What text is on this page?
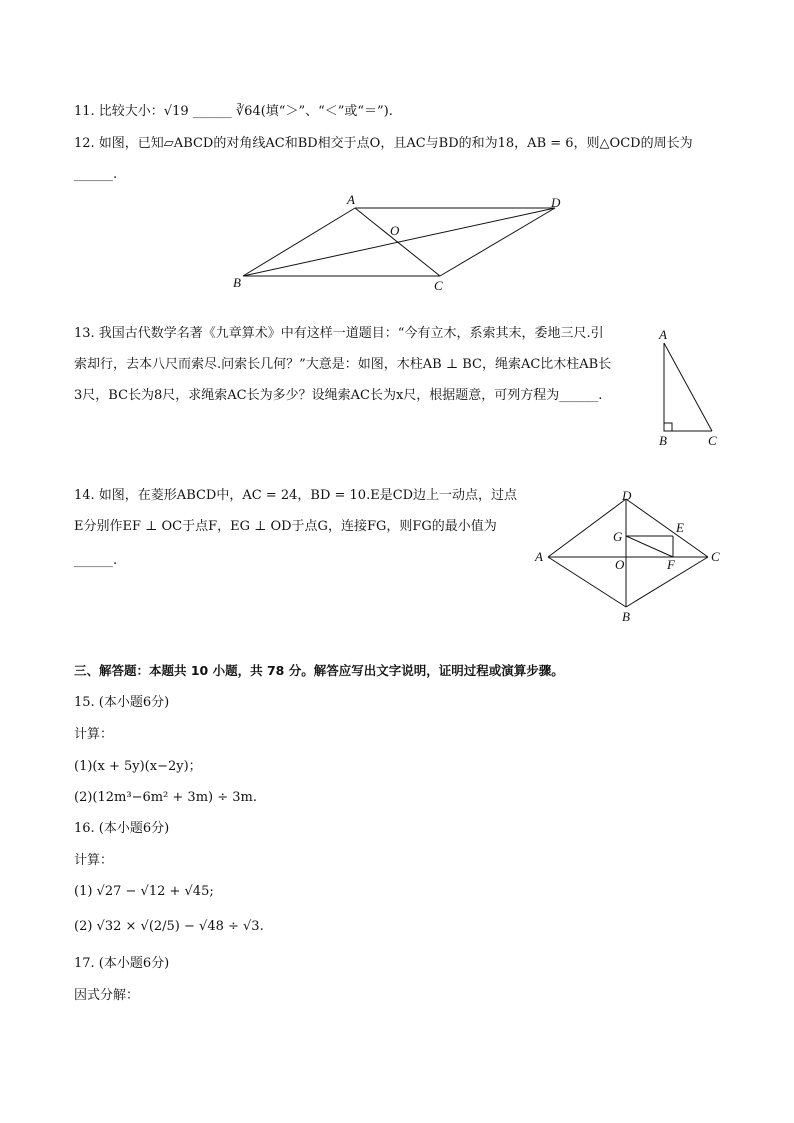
11. 比较大小：√19 ______ ∛64(填“＞”、“＜”或“＝”).
12. 如图，已知▱ABCD的对角线AC和BD相交于点O，且AC与BD的和为18，AB = 6，则△OCD的周长为
______.
A	D
O
B	C
13. 我国古代数学名著《九章算术》中有这样一道题目：“今有立木，系索其末，委地三尺.引
索却行，去本八尺而索尽.问索长几何？”大意是：如图，木柱AB ⊥ BC，绳索AC比木柱AB长
3尺，BC长为8尺，求绳索AC长为多少？设绳索AC长为x尺，根据题意，可列方程为______.
A
B	C
14. 如图，在菱形ABCD中，AC = 24，BD = 10.E是CD边上一动点，过点
E分别作EF ⊥ OC于点F，EG ⊥ OD于点G，连接FG，则FG的最小值为
______.
D
E
G
A	C
O	F
B
三、解答题：本题共 10 小题，共 78 分。解答应写出文字说明，证明过程或演算步骤。
15. (本小题6分)
计算：
(1)(x + 5y)(x−2y)；
(2)(12m³−6m² + 3m) ÷ 3m.
16. (本小题6分)
计算：
(1) √27 − √12 + √45;
(2) √32 × √(2/5) − √48 ÷ √3.
17. (本小题6分)
因式分解：
